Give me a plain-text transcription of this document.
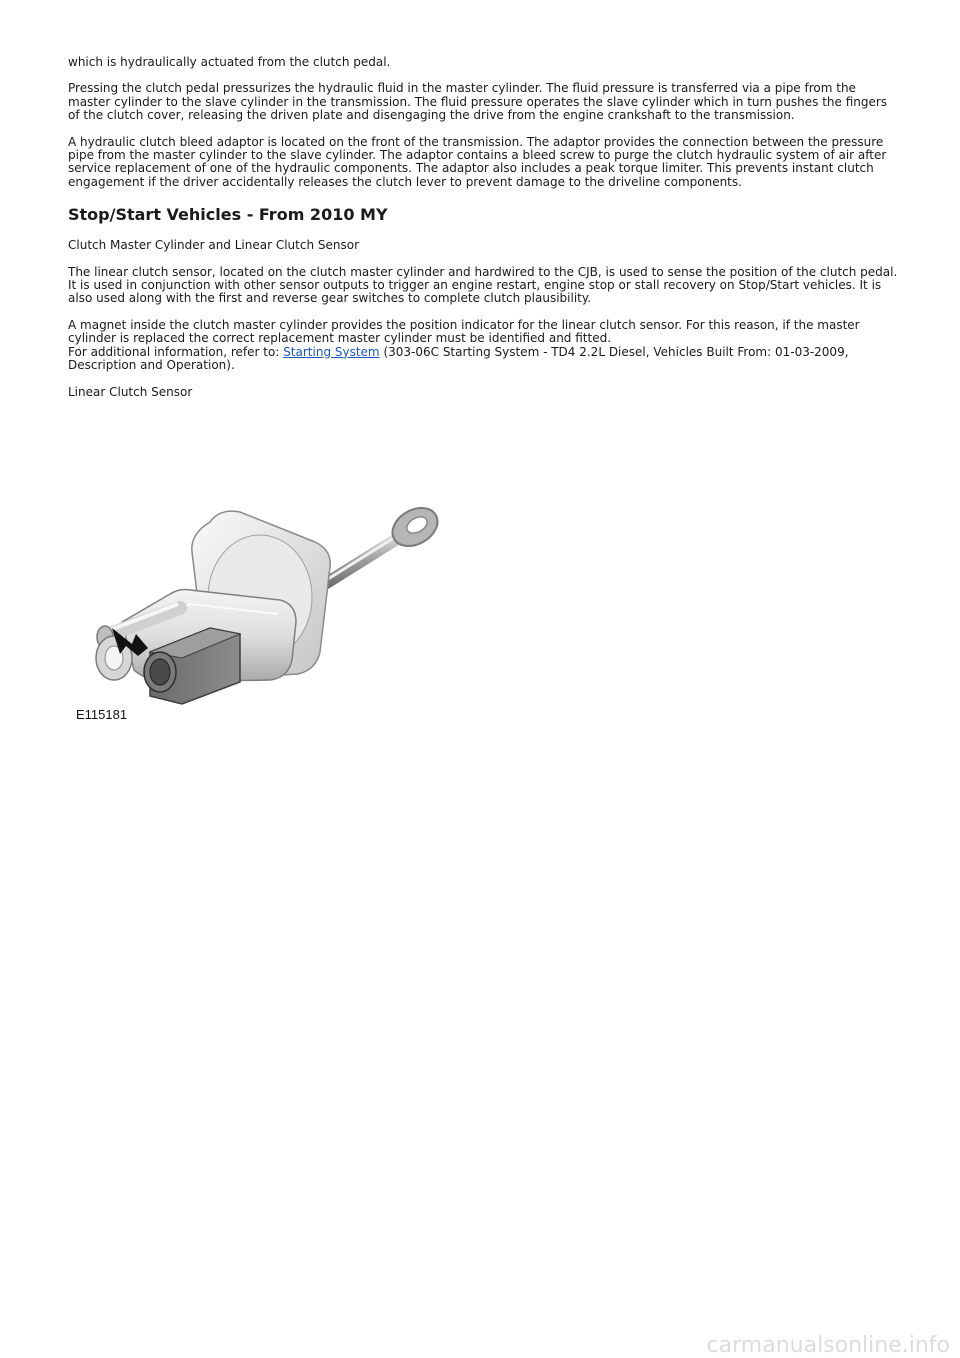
which is hydraulically actuated from the clutch pedal.

Pressing the clutch pedal pressurizes the hydraulic fluid in the master cylinder. The fluid pressure is transferred via a pipe from the master cylinder to the slave cylinder in the transmission. The fluid pressure operates the slave cylinder which in turn pushes the fingers of the clutch cover, releasing the driven plate and disengaging the drive from the engine crankshaft to the transmission.

A hydraulic clutch bleed adaptor is located on the front of the transmission. The adaptor provides the connection between the pressure pipe from the master cylinder to the slave cylinder. The adaptor contains a bleed screw to purge the clutch hydraulic system of air after service replacement of one of the hydraulic components. The adaptor also includes a peak torque limiter. This prevents instant clutch engagement if the driver accidentally releases the clutch lever to prevent damage to the driveline components.

Stop/Start Vehicles - From 2010 MY

Clutch Master Cylinder and Linear Clutch Sensor

The linear clutch sensor, located on the clutch master cylinder and hardwired to the CJB, is used to sense the position of the clutch pedal. It is used in conjunction with other sensor outputs to trigger an engine restart, engine stop or stall recovery on Stop/Start vehicles. It is also used along with the first and reverse gear switches to complete clutch plausibility.

A magnet inside the clutch master cylinder provides the position indicator for the linear clutch sensor. For this reason, if the master cylinder is replaced the correct replacement master cylinder must be identified and fitted.

For additional information, refer to: Starting System (303-06C Starting System - TD4 2.2L Diesel, Vehicles Built From: 01-03-2009, Description and Operation).

Linear Clutch Sensor

E115181
carmanualsonline.info
